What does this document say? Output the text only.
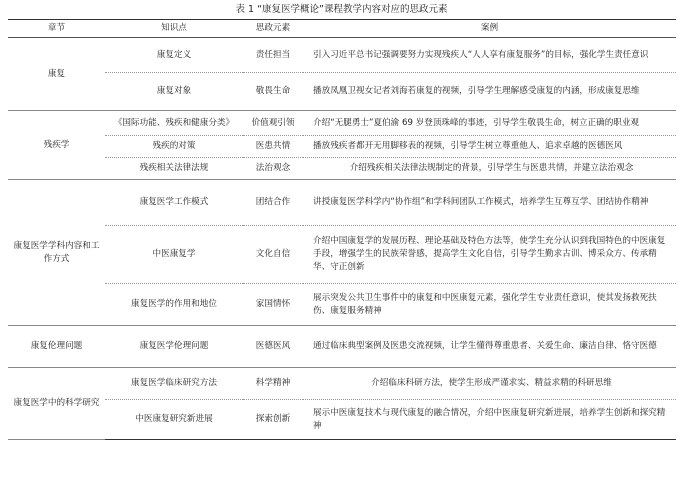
表 1 “康复医学概论”课程教学内容对应的思政元素
章节	知识点	思政元素	案例
康复	康复定义	责任担当	引入习近平总书记强调要努力实现残疾人“人人享有康复服务”的目标，强化学生责任意识
	康复对象	敬畏生命	播放凤凰卫视女记者刘海若康复的视频，引导学生理解感受康复的内涵，形成康复思维
残疾学	《国际功能、残疾和健康分类》	价值观引领	介绍“无腿勇士”夏伯渝 69 岁登顶珠峰的事迹，引导学生敬畏生命，树立正确的职业观
	残疾的对策	医患共情	播放残疾者都开无用脚移表的视频，引导学生树立尊重他人、追求卓越的医德医风
	残疾相关法律法规	法治观念	介绍残疾相关法律法规制定的背景，引导学生与医患共情，并建立法治观念
康复医学学科内容和工作方式	康复医学工作模式	团结合作	讲授康复医学科学内“协作组”和学科间团队工作模式，培养学生互尊互学、团结协作精神
	中医康复学	文化自信	介绍中国康复学的发展历程、理论基础及特色方法等，使学生充分认识到我国特色的中医康复手段，增强学生的民族荣誉感，提高学生文化自信，引导学生勤求古训、博采众方、传承精华、守正创新
	康复医学的作用和地位	家国情怀	展示突发公共卫生事件中的康复和中医康复元素，强化学生专业责任意识，使其发扬救死扶伤、康复服务精神
康复伦理问题	康复医学伦理问题	医德医风	通过临床典型案例及医患交流视频，让学生懂得尊重患者、关爱生命、廉洁自律、恪守医德
康复医学中的科学研究	康复医学临床研究方法	科学精神	介绍临床科研方法，使学生形成严谨求实、精益求精的科研思维
	中医康复研究新进展	探索创新	展示中医康复技术与现代康复的融合情况，介绍中医康复研究新进展，培养学生创新和探究精神
